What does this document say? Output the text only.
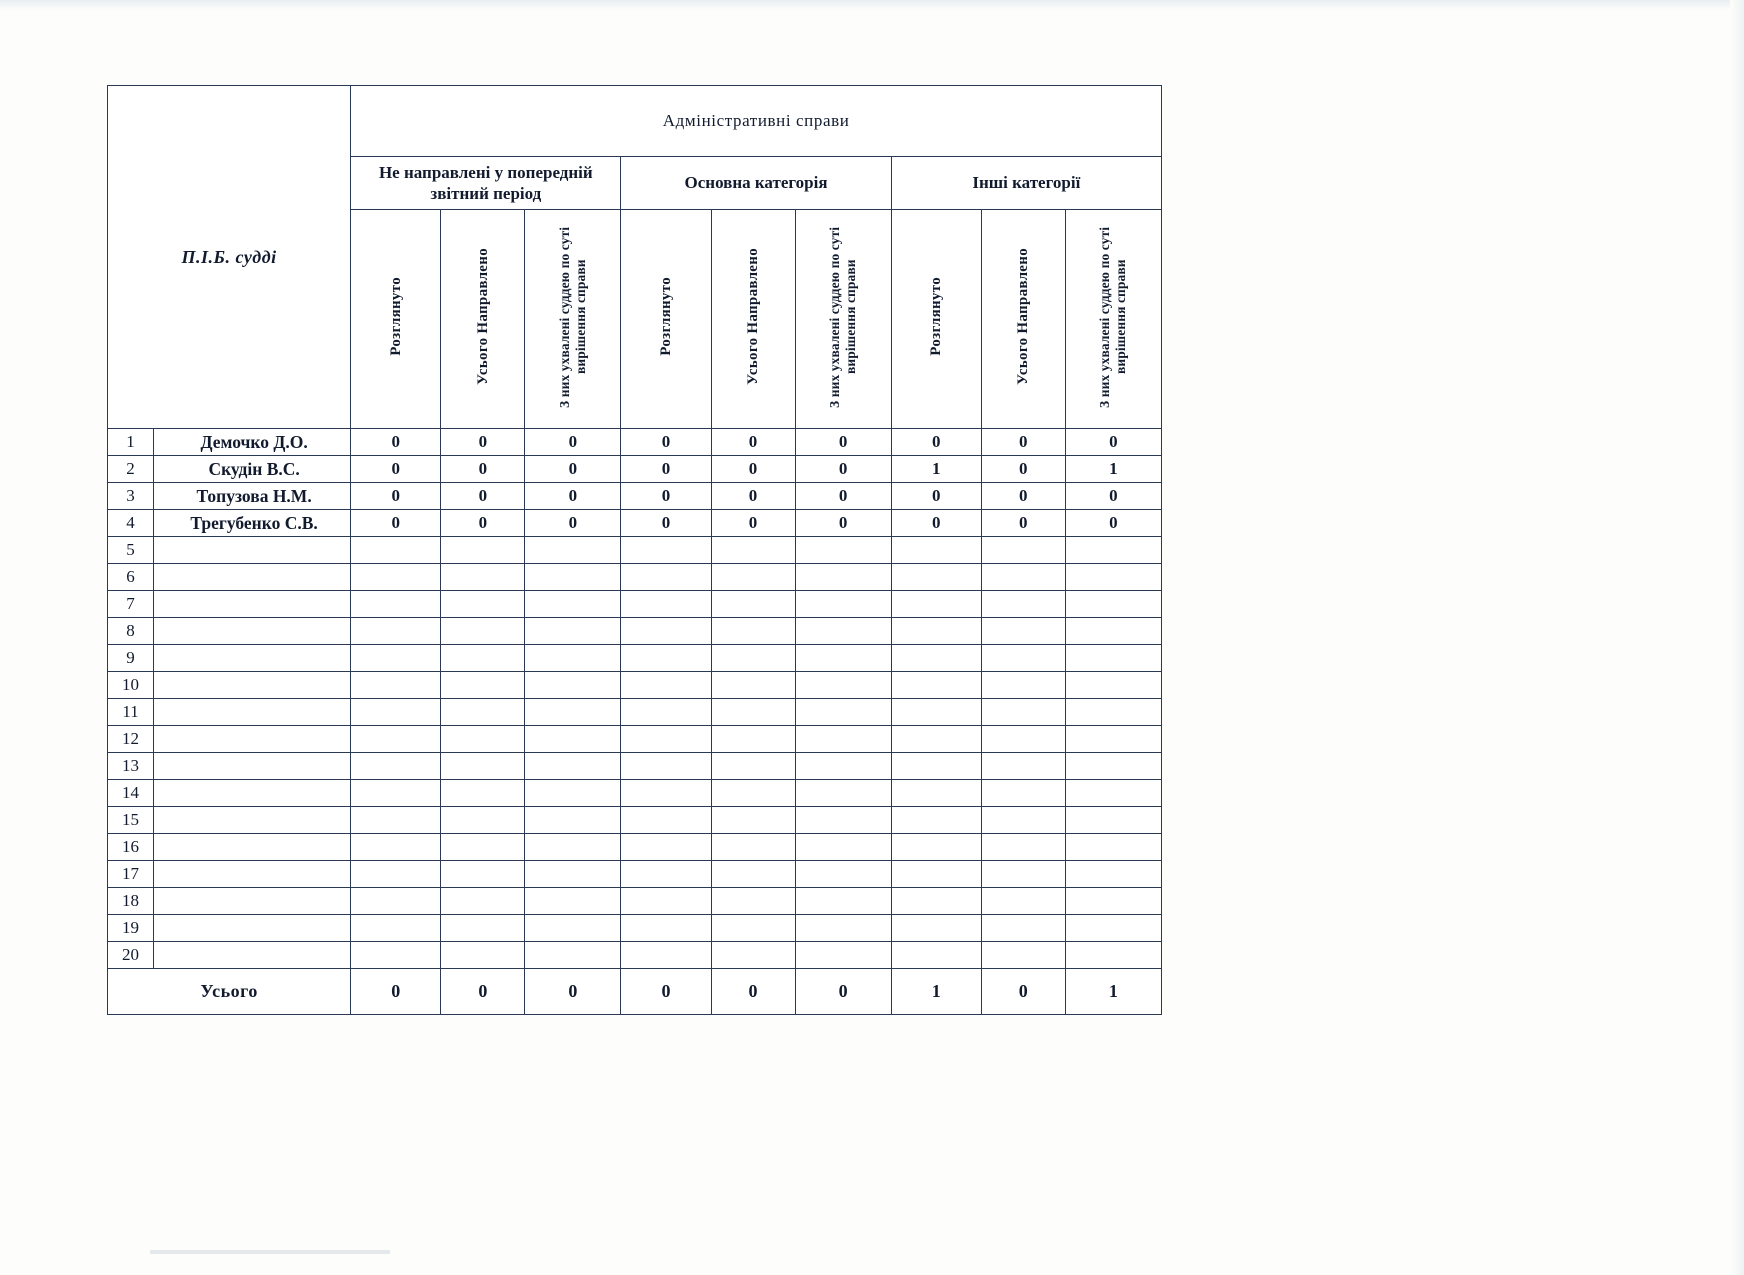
П.І.Б. судді		Адміністративні справи								
		Не направлені у попередній звітний період			Основна категорія			Інші категорії		
		Розглянуто	Усього Направлено	З них ухвалені суддею по суті вирішення справи	Розглянуто	Усього Направлено	З них ухвалені суддею по суті вирішення справи	Розглянуто	Усього Направлено	З них ухвалені суддею по суті вирішення справи
1	Демочко Д.О.	0	0	0	0	0	0	0	0	0
2	Скудін В.С.	0	0	0	0	0	0	1	0	1
3	Топузова Н.М.	0	0	0	0	0	0	0	0	0
4	Трегубенко С.В.	0	0	0	0	0	0	0	0	0
5										
6										
7										
8										
9										
10										
11										
12										
13										
14										
15										
16										
17										
18										
19										
20										
Усього		0	0	0	0	0	0	1	0	1
